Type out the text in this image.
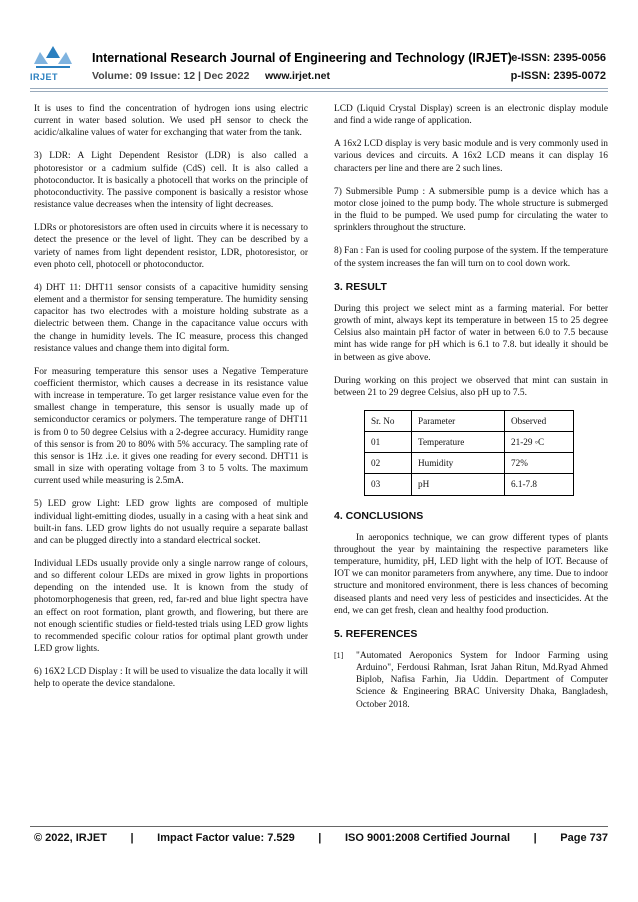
IRJET
International Research Journal of Engineering and Technology (IRJET) e-ISSN: 2395-0056
Volume: 09 Issue: 12 | Dec 2022 www.irjet.net	p-ISSN: 2395-0072

It is uses to find the concentration of hydrogen ions using electric current in water based solution. We used pH sensor to check the acidic/alkaline values of water for exchanging that water from the tank.

3) LDR: A Light Dependent Resistor (LDR) is also called a photoresistor or a cadmium sulfide (CdS) cell. It is also called a photoconductor. It is basically a photocell that works on the principle of photoconductivity. The passive component is basically a resistor whose resistance value decreases when the intensity of light decreases.

LDRs or photoresistors are often used in circuits where it is necessary to detect the presence or the level of light. They can be described by a variety of names from light dependent resistor, LDR, photoresistor, or even photo cell, photocell or photoconductor.

4) DHT 11: DHT11 sensor consists of a capacitive humidity sensing element and a thermistor for sensing temperature. The humidity sensing capacitor has two electrodes with a moisture holding substrate as a dielectric between them. Change in the capacitance value occurs with the change in humidity levels. The IC measure, process this changed resistance values and change them into digital form.

For measuring temperature this sensor uses a Negative Temperature coefficient thermistor, which causes a decrease in its resistance value with increase in temperature. To get larger resistance value even for the smallest change in temperature, this sensor is usually made up of semiconductor ceramics or polymers. The temperature range of DHT11 is from 0 to 50 degree Celsius with a 2-degree accuracy. Humidity range of this sensor is from 20 to 80% with 5% accuracy. The sampling rate of this sensor is 1Hz .i.e. it gives one reading for every second. DHT11 is small in size with operating voltage from 3 to 5 volts. The maximum current used while measuring is 2.5mA.

5) LED grow Light: LED grow lights are composed of multiple individual light-emitting diodes, usually in a casing with a heat sink and built-in fans. LED grow lights do not usually require a separate ballast and can be plugged directly into a standard electrical socket.

Individual LEDs usually provide only a single narrow range of colours, and so different colour LEDs are mixed in grow lights in proportions depending on the intended use. It is known from the study of photomorphogenesis that green, red, far-red and blue light spectra have an effect on root formation, plant growth, and flowering, but there are not enough scientific studies or field-tested trials using LED grow lights to recommended specific colour ratios for optimal plant growth under LED grow lights.

6) 16X2 LCD Display : It will be used to visualize the data locally it will help to operate the device standalone.

LCD (Liquid Crystal Display) screen is an electronic display module and find a wide range of application.

A 16x2 LCD display is very basic module and is very commonly used in various devices and circuits. A 16x2 LCD means it can display 16 characters per line and there are 2 such lines.

7) Submersible Pump : A submersible pump is a device which has a motor close joined to the pump body. The whole structure is submerged in the fluid to be pumped. We used pump for circulating the water to sprinklers throughout the structure.

8) Fan : Fan is used for cooling purpose of the system. If the temperature of the system increases the fan will turn on to cool down work.

3. RESULT

During this project we select mint as a farming material. For better growth of mint, always kept its temperature in between 15 to 25 degree Celsius also maintain pH factor of water in between 6.0 to 7.5 because mint has wide range for pH which is 6.1 to 7.8. but ideally it should be in between as give above.

During working on this project we observed that mint can sustain in between 21 to 29 degree Celsius, also pH up to 7.5.

Sr. No	Parameter	Observed
01	Temperature	21-29 ◦C
02	Humidity	72%
03	pH	6.1-7.8
4. CONCLUSIONS

In aeroponics technique, we can grow different types of plants throughout the year by maintaining the respective parameters like temperature, humidity, pH, LED light with the help of IOT. Because of IOT we can monitor parameters from anywhere, any time. Due to indoor structure and monitored environment, there is less chances of becoming diseased plants and need very less of pesticides and insecticides. At the end, we can get fresh, clean and healthy food production.

5. REFERENCES
[1]	"Automated Aeroponics System for Indoor Farming using Arduino", Ferdousi Rahman, Israt Jahan Ritun, Md.Ryad Ahmed Biplob, Nafisa Farhin, Jia Uddin. Department of Computer Science & Engineering BRAC University Dhaka, Bangladesh, October 2018.
© 2022, IRJET | Impact Factor value: 7.529 | ISO 9001:2008 Certified Journal | Page 737
